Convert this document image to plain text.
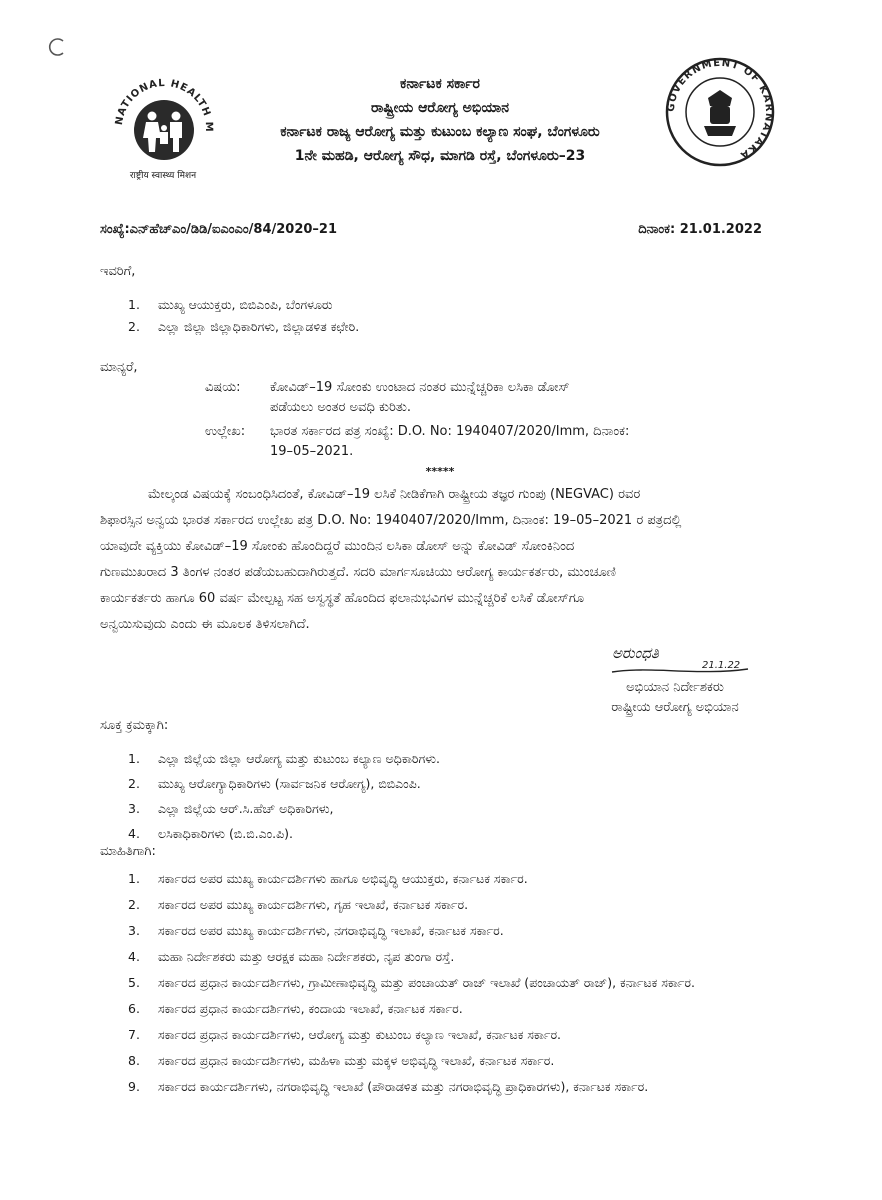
NATIONAL HEALTH M
राष्ट्रीय स्वास्थ्य मिशन
GOVERNMENT OF KARNATAKA
ಕರ್ನಾಟಕ ಸರ್ಕಾರ
ರಾಷ್ಟ್ರೀಯ ಆರೋಗ್ಯ ಅಭಿಯಾನ
ಕರ್ನಾಟಕ ರಾಜ್ಯ ಆರೋಗ್ಯ ಮತ್ತು ಕುಟುಂಬ ಕಲ್ಯಾಣ ಸಂಘ, ಬೆಂಗಳೂರು
1ನೇ ಮಹಡಿ, ಆರೋಗ್ಯ ಸೌಧ, ಮಾಗಡಿ ರಸ್ತೆ, ಬೆಂಗಳೂರು–23
ಸಂಖ್ಯೆ:ಎನ್‌ಹೆಚ್‌ಎಂ/ಡಿಡಿ/ಐಎಂಎಂ/84/2020–21	ದಿನಾಂಕ: 21.01.2022
ಇವರಿಗೆ,
1. ಮುಖ್ಯ ಆಯುಕ್ತರು, ಬಿಬಿಎಂಪಿ, ಬೆಂಗಳೂರು
2. ಎಲ್ಲಾ ಜಿಲ್ಲಾ ಜಿಲ್ಲಾಧಿಕಾರಿಗಳು, ಜಿಲ್ಲಾಡಳಿತ ಕಛೇರಿ.
ಮಾನ್ಯರೆ,
ವಿಷಯ: ಕೋವಿಡ್–19 ಸೋಂಕು ಉಂಟಾದ ನಂತರ ಮುನ್ನೆಚ್ಚರಿಕಾ ಲಸಿಕಾ ಡೋಸ್
ಪಡೆಯಲು ಅಂತರ ಅವಧಿ ಕುರಿತು.
ಉಲ್ಲೇಖ: ಭಾರತ ಸರ್ಕಾರದ ಪತ್ರ ಸಂಖ್ಯೆ: D.O. No: 1940407/2020/Imm, ದಿನಾಂಕ:
19–05–2021.
*****
ಮೇಲ್ಕಂಡ ವಿಷಯಕ್ಕೆ ಸಂಬಂಧಿಸಿದಂತೆ, ಕೋವಿಡ್–19 ಲಸಿಕೆ ನೀಡಿಕೆಗಾಗಿ ರಾಷ್ಟ್ರೀಯ ತಜ್ಞರ ಗುಂಪು (NEGVAC) ರವರ
ಶಿಫಾರಸ್ಸಿನ ಅನ್ವಯ ಭಾರತ ಸರ್ಕಾರದ ಉಲ್ಲೇಖ ಪತ್ರ D.O. No: 1940407/2020/Imm, ದಿನಾಂಕ: 19–05–2021 ರ ಪತ್ರದಲ್ಲಿ
ಯಾವುದೇ ವ್ಯಕ್ತಿಯು ಕೋವಿಡ್–19 ಸೋಂಕು ಹೊಂದಿದ್ದರೆ ಮುಂದಿನ ಲಸಿಕಾ ಡೋಸ್ ಅನ್ನು ಕೋವಿಡ್ ಸೋಂಕಿನಿಂದ
ಗುಣಮುಖರಾದ 3 ತಿಂಗಳ ನಂತರ ಪಡೆಯಬಹುದಾಗಿರುತ್ತದೆ. ಸದರಿ ಮಾರ್ಗಸೂಚಿಯು ಆರೋಗ್ಯ ಕಾರ್ಯಕರ್ತರು, ಮುಂಚೂಣಿ
ಕಾರ್ಯಕರ್ತರು ಹಾಗೂ 60 ವರ್ಷ ಮೇಲ್ಪಟ್ಟ ಸಹ ಅಸ್ವಸ್ಥತೆ ಹೊಂದಿದ ಫಲಾನುಭವಿಗಳ ಮುನ್ನೆಚ್ಚರಿಕೆ ಲಸಿಕೆ ಡೋಸ್‌ಗೂ
ಅನ್ವಯಿಸುವುದು ಎಂದು ಈ ಮೂಲಕ ತಿಳಿಸಲಾಗಿದೆ.
ಅರುಂಧತಿ
21.1.22
ಅಭಿಯಾನ ನಿರ್ದೇಶಕರು
ರಾಷ್ಟ್ರೀಯ ಆರೋಗ್ಯ ಅಭಿಯಾನ
ಸೂಕ್ತ ಕ್ರಮಕ್ಕಾಗಿ:
1. ಎಲ್ಲಾ ಜಿಲ್ಲೆಯ ಜಿಲ್ಲಾ ಆರೋಗ್ಯ ಮತ್ತು ಕುಟುಂಬ ಕಲ್ಯಾಣ ಅಧಿಕಾರಿಗಳು.
2. ಮುಖ್ಯ ಆರೋಗ್ಯಾಧಿಕಾರಿಗಳು (ಸಾರ್ವಜನಿಕ ಆರೋಗ್ಯ), ಬಿಬಿಎಂಪಿ.
3. ಎಲ್ಲಾ ಜಿಲ್ಲೆಯ ಆರ್.ಸಿ.ಹೆಚ್ ಅಧಿಕಾರಿಗಳು,
4. ಲಸಿಕಾಧಿಕಾರಿಗಳು (ಬಿ.ಬಿ.ಎಂ.ಪಿ).
ಮಾಹಿತಿಗಾಗಿ:
1. ಸರ್ಕಾರದ ಅಪರ ಮುಖ್ಯ ಕಾರ್ಯದರ್ಶಿಗಳು ಹಾಗೂ ಅಭಿವೃದ್ಧಿ ಆಯುಕ್ತರು, ಕರ್ನಾಟಕ ಸರ್ಕಾರ.
2. ಸರ್ಕಾರದ ಅಪರ ಮುಖ್ಯ ಕಾರ್ಯದರ್ಶಿಗಳು, ಗೃಹ ಇಲಾಖೆ, ಕರ್ನಾಟಕ ಸರ್ಕಾರ.
3. ಸರ್ಕಾರದ ಅಪರ ಮುಖ್ಯ ಕಾರ್ಯದರ್ಶಿಗಳು, ನಗರಾಭಿವೃದ್ಧಿ ಇಲಾಖೆ, ಕರ್ನಾಟಕ ಸರ್ಕಾರ.
4. ಮಹಾ ನಿರ್ದೇಶಕರು ಮತ್ತು ಆರಕ್ಷಕ ಮಹಾ ನಿರ್ದೇಶಕರು, ನೃಪ ತುಂಗಾ ರಸ್ತೆ.
5. ಸರ್ಕಾರದ ಪ್ರಧಾನ ಕಾರ್ಯದರ್ಶಿಗಳು, ಗ್ರಾಮೀಣಾಭಿವೃದ್ಧಿ ಮತ್ತು ಪಂಚಾಯತ್ ರಾಜ್ ಇಲಾಖೆ (ಪಂಚಾಯತ್ ರಾಜ್), ಕರ್ನಾಟಕ ಸರ್ಕಾರ.
6. ಸರ್ಕಾರದ ಪ್ರಧಾನ ಕಾರ್ಯದರ್ಶಿಗಳು, ಕಂದಾಯ ಇಲಾಖೆ, ಕರ್ನಾಟಕ ಸರ್ಕಾರ.
7. ಸರ್ಕಾರದ ಪ್ರಧಾನ ಕಾರ್ಯದರ್ಶಿಗಳು, ಆರೋಗ್ಯ ಮತ್ತು ಕುಟುಂಬ ಕಲ್ಯಾಣ ಇಲಾಖೆ, ಕರ್ನಾಟಕ ಸರ್ಕಾರ.
8. ಸರ್ಕಾರದ ಪ್ರಧಾನ ಕಾರ್ಯದರ್ಶಿಗಳು, ಮಹಿಳಾ ಮತ್ತು ಮಕ್ಕಳ ಅಭಿವೃದ್ಧಿ ಇಲಾಖೆ, ಕರ್ನಾಟಕ ಸರ್ಕಾರ.
9. ಸರ್ಕಾರದ ಕಾರ್ಯದರ್ಶಿಗಳು, ನಗರಾಭಿವೃದ್ಧಿ ಇಲಾಖೆ (ಪೌರಾಡಳಿತ ಮತ್ತು ನಗರಾಭಿವೃದ್ಧಿ ಪ್ರಾಧಿಕಾರಗಳು), ಕರ್ನಾಟಕ ಸರ್ಕಾರ.
